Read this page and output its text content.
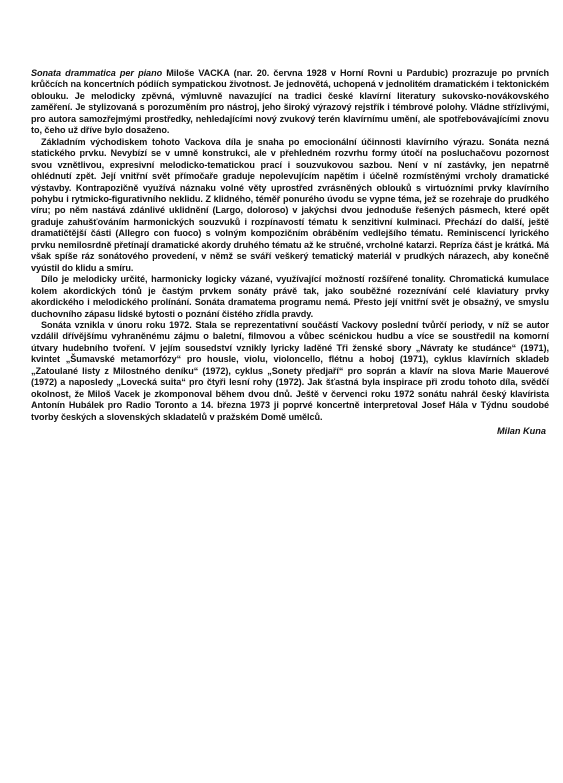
Sonata drammatica per piano Miloše VACKA (nar. 20. června 1928 v Horní Rovni u Pardubic) prozrazuje po prvních krůčcích na koncertních pódiích sympatickou životnost. Je jednovětá, uchopená v jednolitém dramatickém i tektonickém oblouku. Je melodicky zpěvná, výmluvně navazující na tradici české klavírní literatury sukovsko-novákovského zaměření. Je stylizovaná s porozuměním pro nástroj, jeho široký výrazový rejstřík i témbrové polohy. Vládne střízlivými, pro autora samozřejmými prostředky, nehledajícími nový zvukový terén klavírnímu umění, ale spotřebovávajícími znovu to, čeho už dříve bylo dosaženo.

Základním východiskem tohoto Vackova díla je snaha po emocionální účinnosti klavírního výrazu. Sonáta nezná statického prvku. Nevybízí se v umně konstrukci, ale v přehledném rozvrhu formy útočí na posluchačovu pozornost svou vznětlivou, expresivní melodicko-tematickou prací i souzvukovou sazbou. Není v ní zastávky, jen nepatrně ohlédnutí zpět. Její vnitřní svět přímočaře graduje nepolevujícím napětím i účelně rozmístěnými vrcholy dramatické výstavby. Kontrapozičně využívá náznaku volné věty uprostřed zvrásněných oblouků s virtuózními prvky klavírního pohybu i rytmicko-figurativního neklidu. Z klidného, téměř ponurého úvodu se vypne téma, jež se rozehraje do prudkého víru; po něm nastává zdánlivé uklidnění (Largo, doloroso) v jakýchsi dvou jednoduše řešených pásmech, které opět graduje zahušťováním harmonických souzvuků i rozpínavostí tématu k senzitivní kulminaci. Přechází do další, ještě dramatičtější části (Allegro con fuoco) s volným kompozičním obráběním vedlejšího tématu. Reminiscencí lyrického prvku nemilosrdně přetínají dramatické akordy druhého tématu až ke stručné, vrcholné katarzi. Repríza část je krátká. Má však spíše ráz sonátového provedení, v němž se sváří veškerý tematický materiál v prudkých nárazech, aby konečně vyústil do klidu a smíru.

Dílo je melodicky určité, harmonicky logicky vázané, využívající možností rozšířené tonality. Chromatická kumulace kolem akordických tónů je častým prvkem sonáty právě tak, jako souběžné rozeznívání celé klaviatury prvky akordického i melodického prolínání. Sonáta dramatema programu nemá. Přesto její vnitřní svět je obsažný, ve smyslu duchovního zápasu lidské bytosti o poznání čistého zřídla pravdy.

Sonáta vznikla v únoru roku 1972. Stala se reprezentativní součástí Vackovy poslední tvůrčí periody, v níž se autor vzdálil dřívějšímu vyhraněnému zájmu o baletní, filmovou a vůbec scénickou hudbu a více se soustředil na komorní útvary hudebního tvoření. V jejím sousedství vznikly lyricky laděné Tři ženské sbory „Návraty ke studánce“ (1971), kvintet „Šumavské metamorfózy“ pro housle, violu, violoncello, flétnu a hoboj (1971), cyklus klavírních skladeb „Zatoulané listy z Milostného deníku“ (1972), cyklus „Sonety předjaří“ pro soprán a klavír na slova Marie Mauerové (1972) a naposledy „Lovecká suita“ pro čtyři lesní rohy (1972). Jak šťastná byla inspirace při zrodu tohoto díla, svědčí okolnost, že Miloš Vacek je zkomponoval během dvou dnů. Ještě v červenci roku 1972 sonátu nahrál český klavírista Antonín Hubálek pro Radio Toronto a 14. března 1973 ji poprvé koncertně interpretoval Josef Hála v Týdnu soudobé tvorby českých a slovenských skladatelů v pražském Domě umělců.

Milan Kuna
